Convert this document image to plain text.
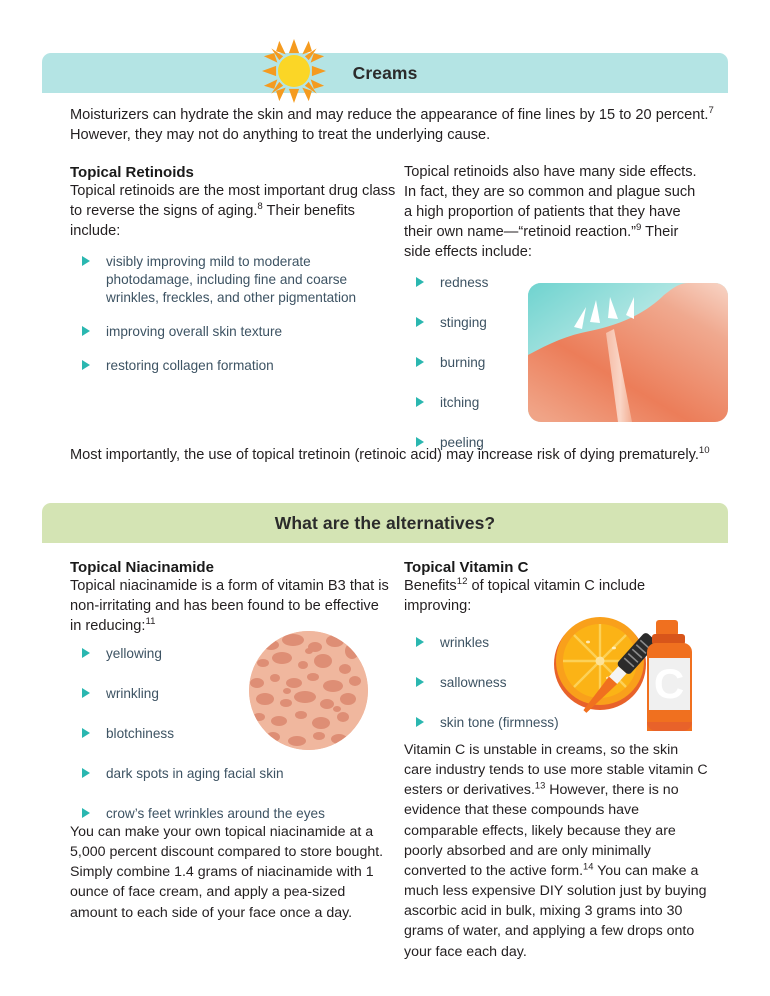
Creams
Moisturizers can hydrate the skin and may reduce the appearance of fine lines by 15 to 20 percent.$^7$ However, they may not do anything to treat the underlying cause.
Topical Retinoids
Topical retinoids are the most important drug class to reverse the signs of aging.$^8$ Their benefits include:
visibly improving mild to moderate photodamage, including fine and coarse wrinkles, freckles, and other pigmentation
improving overall skin texture
restoring collagen formation
Topical retinoids also have many side effects. In fact, they are so common and plague such a high proportion of patients that they have their own name—“retinoid reaction.”$^9$ Their side effects include:
redness
stinging
burning
itching
peeling
Most importantly, the use of topical tretinoin (retinoic acid) may increase risk of dying prematurely.$^{10}$
What are the alternatives?
Topical Niacinamide
Topical niacinamide is a form of vitamin B3 that is non-irritating and has been found to be effective in reducing:$^{11}$
yellowing
wrinkling
blotchiness
dark spots in aging facial skin
crow’s feet wrinkles around the eyes
You can make your own topical niacinamide at a 5,000 percent discount compared to store bought. Simply combine 1.4 grams of niacinamide with 1 ounce of face cream, and apply a pea-sized amount to each side of your face once a day.
Topical Vitamin C
Benefits$^{12}$ of topical vitamin C include improving:
wrinkles
sallowness
skin tone (firmness)
C
Vitamin C is unstable in creams, so the skin care industry tends to use more stable vitamin C esters or derivatives.$^{13}$ However, there is no evidence that these compounds have comparable effects, likely because they are poorly absorbed and are only minimally converted to the active form.$^{14}$ You can make a much less expensive DIY solution just by buying ascorbic acid in bulk, mixing 3 grams into 30 grams of water, and applying a few drops onto your face each day.
